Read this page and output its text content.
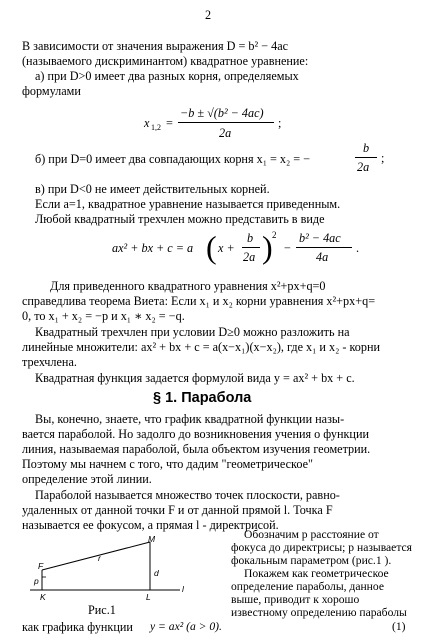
2
В зависимости от значения выражения D = b² − 4ac
(называемого дискриминантом) квадратное уравнение:
а) при D>0 имеет два разных корня, определяемых
формулами
x 1,2 =
−b ± √(b² − 4ac)
2a
;
б) при D=0 имеет два совпадающих корня x₁ = x₂ = −
b
2a
;
в) при D<0 не имеет действительных корней.
Если a=1, квадратное уравнение называется приведенным.
Любой квадратный трехчлен можно представить в виде
ax² + bx + c = a ( x +
b
2a ) 2
−
b² − 4ac
4a
.
Для приведенного квадратного уравнения x²+px+q=0
справедлива теорема Виета: Если x₁ и x₂ корни уравнения x²+px+q=
0, то x₁ + x₂ = −p и x₁ ∗ x₂ = −q.
Квадратный трехчлен при условии D≥0 можно разложить на
линейные множители: ax² + bx + c = a(x−x₁)(x−x₂), где x₁ и x₂ - корни
трехчлена.
Квадратная функция задается формулой вида y = ax² + bx + c.
§ 1. Парабола
Вы, конечно, знаете, что график квадратной функции назы-
вается параболой. Но задолго до возникновения учения о функции
линия, называемая параболой, была объектом изучения геометрии.
Поэтому мы начнем с того, что дадим "геометрическое"
определение этой линии.
Параболой называется множество точек плоскости, равно-
удаленных от данной точки F и от данной прямой l. Точка F
называется ее фокусом, а прямая l - директрисой.
M
F
r
p
d
K	L
l
Рис.1
Обозначим p расстояние от
фокуса до директрисы; p называется
фокальным параметром (рис.1 ).
Покажем как геометрическое
определение параболы, данное
выше, приводит к хорошо
известному определению параболы
как графика функции y = ax² (a > 0).	(1)
